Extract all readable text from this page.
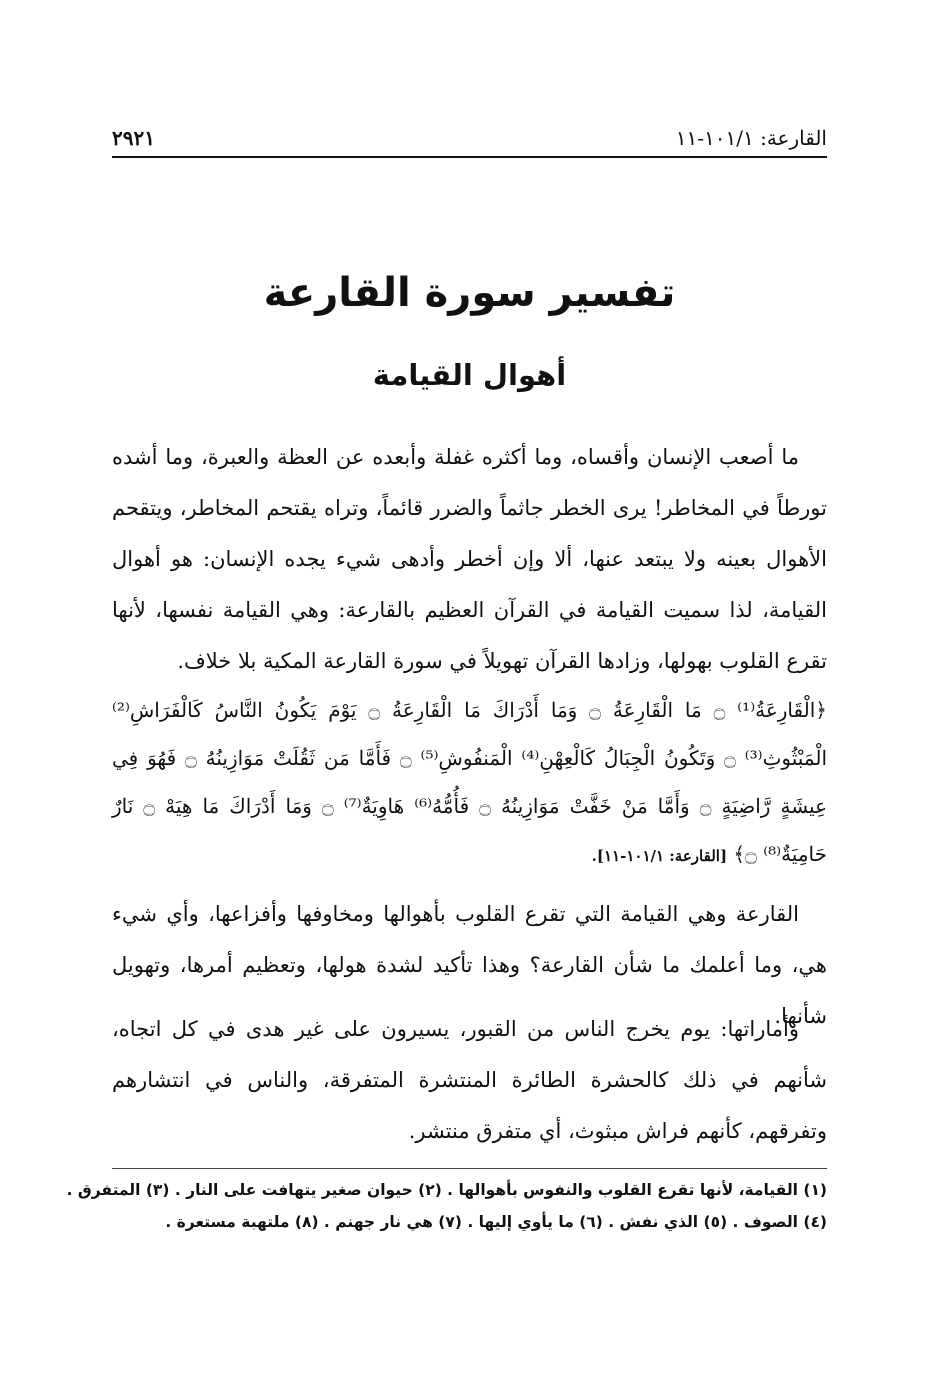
٢٩٢١	القارعة: ١٠١/١-١١
تفسير سورة القارعة
أهوال القيامة

ما أصعب الإنسان وأقساه، وما أكثره غفلة وأبعده عن العظة والعبرة، وما أشده تورطاً في المخاطر! يرى الخطر جاثماً والضرر قائماً، وتراه يقتحم المخاطر، ويتقحم الأهوال بعينه ولا يبتعد عنها، ألا وإن أخطر وأدهى شيء يجده الإنسان: هو أهوال القيامة، لذا سميت القيامة في القرآن العظيم بالقارعة: وهي القيامة نفسها، لأنها تقرع القلوب بهولها، وزادها القرآن تهويلاً في سورة القارعة المكية بلا خلاف.

﴿الْقَارِعَةُ⁽¹⁾ ۝ مَا الْقَارِعَةُ ۝ وَمَا أَدْرَاكَ مَا الْقَارِعَةُ ۝ يَوْمَ يَكُونُ النَّاسُ كَالْفَرَاشِ⁽²⁾ الْمَبْثُوثِ⁽³⁾ ۝ وَتَكُونُ الْجِبَالُ كَالْعِهْنِ⁽⁴⁾ الْمَنفُوشِ⁽⁵⁾ ۝ فَأَمَّا مَن ثَقُلَتْ مَوَازِينُهُ ۝ فَهُوَ فِي عِيشَةٍ رَّاضِيَةٍ ۝ وَأَمَّا مَنْ خَفَّتْ مَوَازِينُهُ ۝ فَأُمُّهُ⁽⁶⁾ هَاوِيَةٌ⁽⁷⁾ ۝ وَمَا أَدْرَاكَ مَا هِيَهْ ۝ نَارٌ حَامِيَةٌ⁽⁸⁾ ۝﴾ [القارعة: ١٠١/١-١١].

القارعة وهي القيامة التي تقرع القلوب بأهوالها ومخاوفها وأفزاعها، وأي شيء هي، وما أعلمك ما شأن القارعة؟ وهذا تأكيد لشدة هولها، وتعظيم أمرها، وتهويل شأنها.

وأماراتها: يوم يخرج الناس من القبور، يسيرون على غير هدى في كل اتجاه، شأنهم في ذلك كالحشرة الطائرة المنتشرة المتفرقة، والناس في انتشارهم وتفرقهم، كأنهم فراش مبثوث، أي متفرق منتشر.

(١) القيامة، لأنها تقرع القلوب والنفوس بأهوالها . (٢) حيوان صغير يتهافت على النار . (٣) المتفرق .
(٤) الصوف . (٥) الذي نفش . (٦) ما يأوي إليها . (٧) هي نار جهنم . (٨) ملتهبة مستعرة .
